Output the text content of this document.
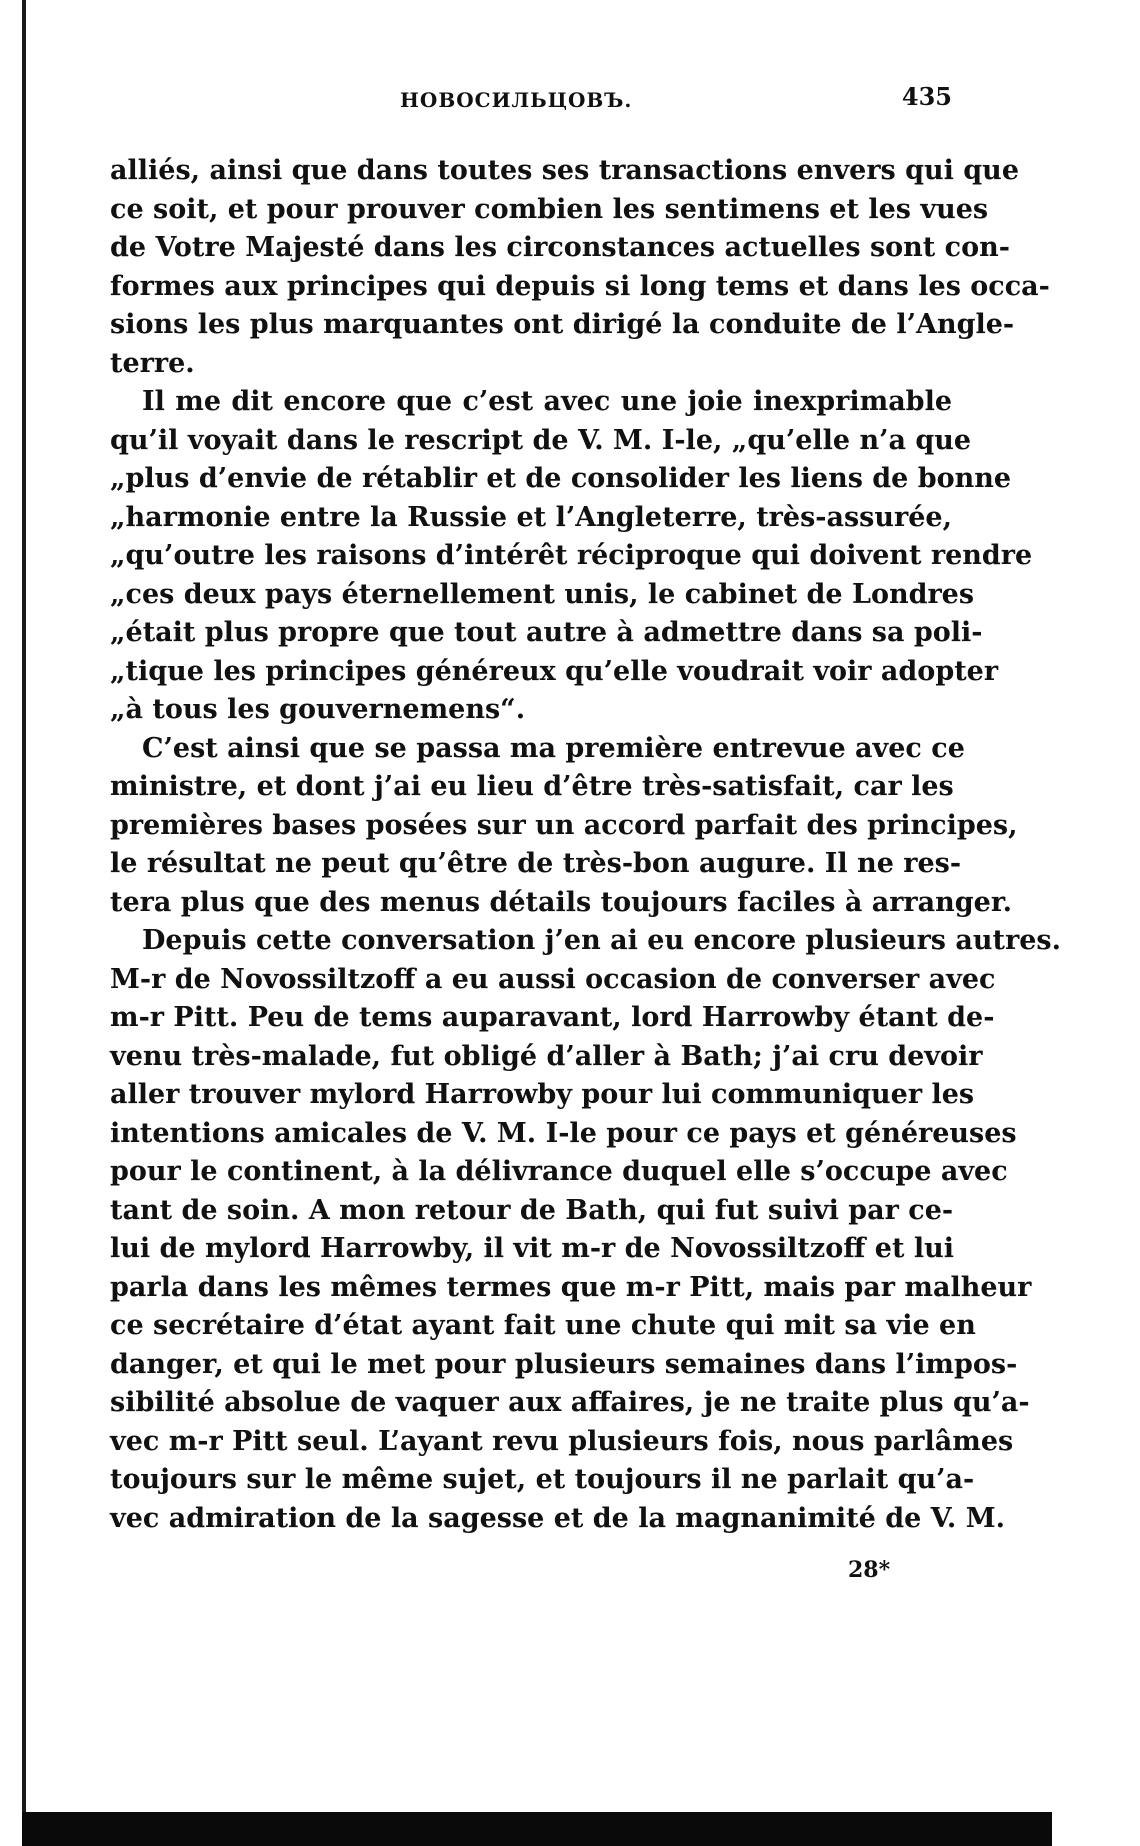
НОВОСИЛЬЦОВЪ.	435
alliés, ainsi que dans toutes ses transactions envers qui que
ce soit, et pour prouver combien les sentimens et les vues
de Votre Majesté dans les circonstances actuelles sont con-
formes aux principes qui depuis si long tems et dans les occa-
sions les plus marquantes ont dirigé la conduite de l’Angle-
terre.
Il me dit encore que c’est avec une joie inexprimable
qu’il voyait dans le rescript de V. M. I-le, „qu’elle n’a que
„plus d’envie de rétablir et de consolider les liens de bonne
„harmonie entre la Russie et l’Angleterre, très-assurée,
„qu’outre les raisons d’intérêt réciproque qui doivent rendre
„ces deux pays éternellement unis, le cabinet de Londres
„était plus propre que tout autre à admettre dans sa poli-
„tique les principes généreux qu’elle voudrait voir adopter
„à tous les gouvernemens“.
C’est ainsi que se passa ma première entrevue avec ce
ministre, et dont j’ai eu lieu d’être très-satisfait, car les
premières bases posées sur un accord parfait des principes,
le résultat ne peut qu’être de très-bon augure. Il ne res-
tera plus que des menus détails toujours faciles à arranger.
Depuis cette conversation j’en ai eu encore plusieurs autres.
M-r de Novossiltzoff a eu aussi occasion de converser avec
m-r Pitt. Peu de tems auparavant, lord Harrowby étant de-
venu très-malade, fut obligé d’aller à Bath; j’ai cru devoir
aller trouver mylord Harrowby pour lui communiquer les
intentions amicales de V. M. I-le pour ce pays et généreuses
pour le continent, à la délivrance duquel elle s’occupe avec
tant de soin. A mon retour de Bath, qui fut suivi par ce-
lui de mylord Harrowby, il vit m-r de Novossiltzoff et lui
parla dans les mêmes termes que m-r Pitt, mais par malheur
ce secrétaire d’état ayant fait une chute qui mit sa vie en
danger, et qui le met pour plusieurs semaines dans l’impos-
sibilité absolue de vaquer aux affaires, je ne traite plus qu’a-
vec m-r Pitt seul. L’ayant revu plusieurs fois, nous parlâmes
toujours sur le même sujet, et toujours il ne parlait qu’a-
vec admiration de la sagesse et de la magnanimité de V. M.
28*
